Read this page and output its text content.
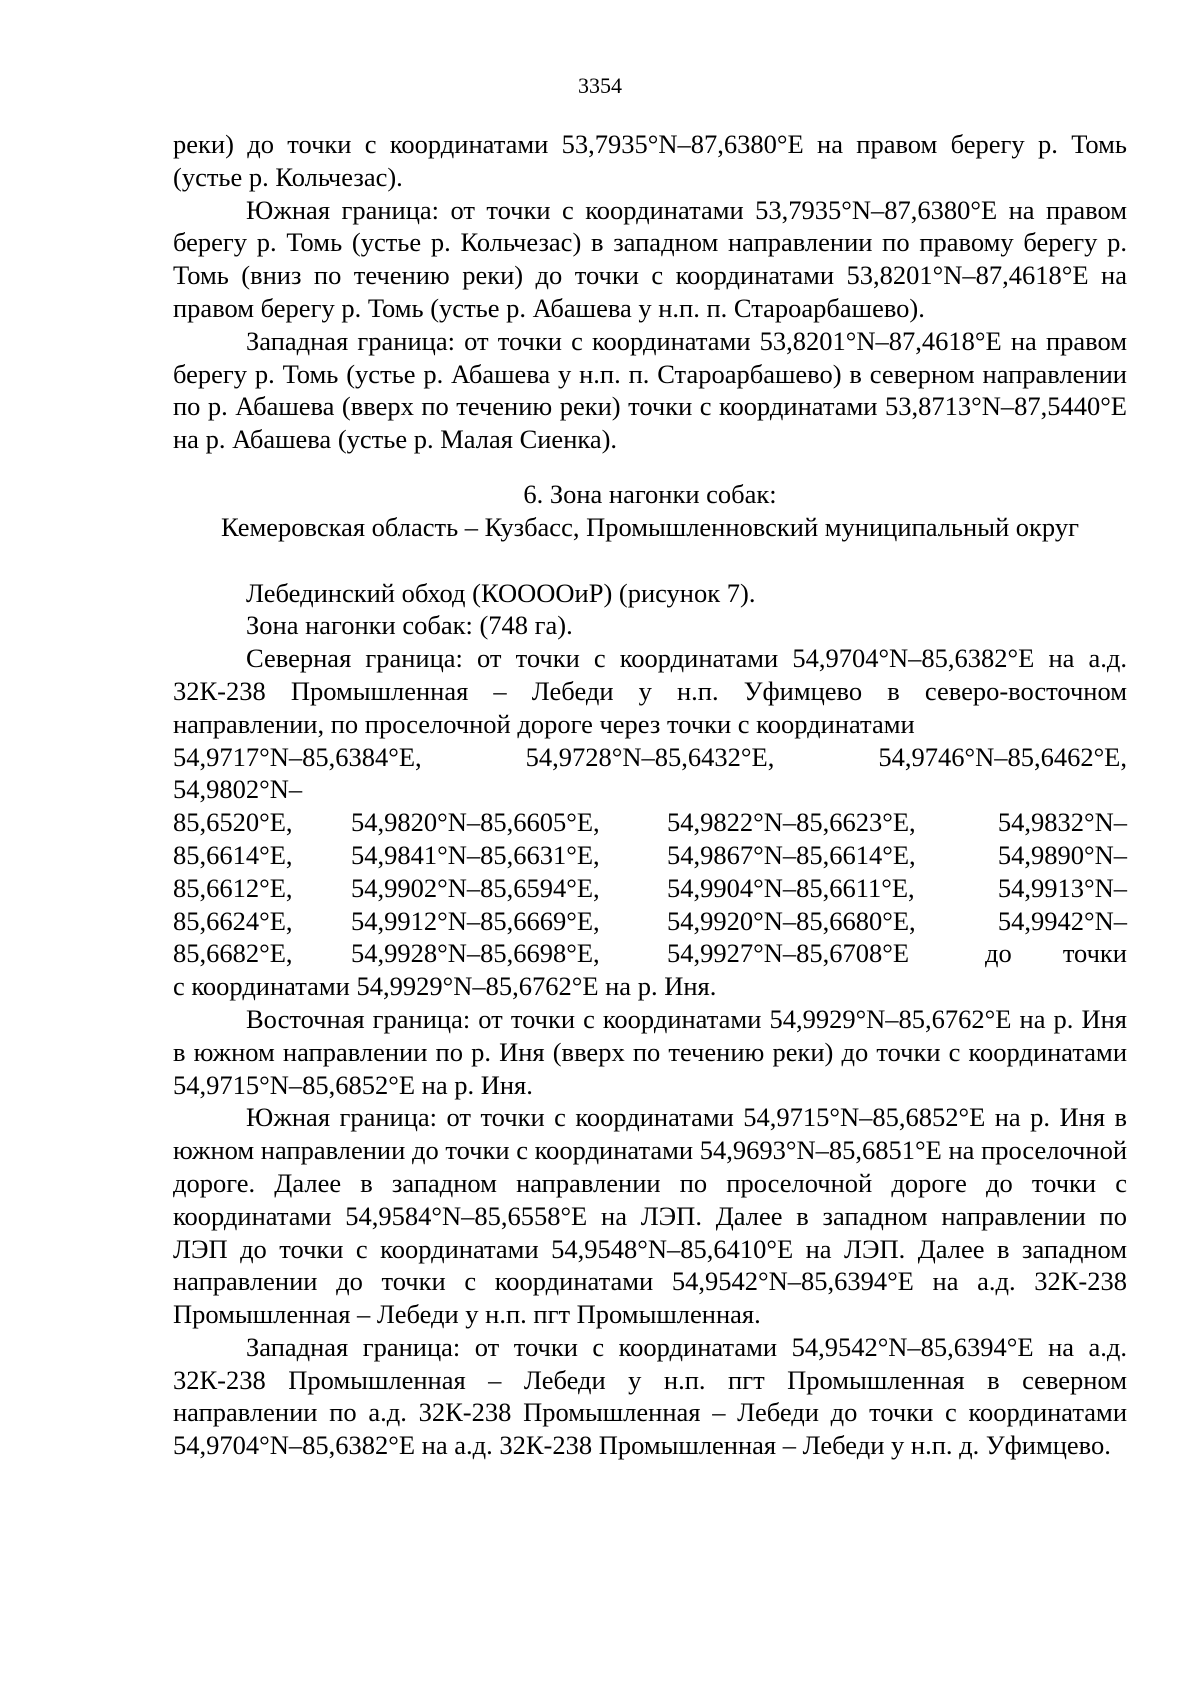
3354

реки) до точки с координатами 53,7935°N–87,6380°E на правом берегу р. Томь (устье р. Кольчезас).

Южная граница: от точки с координатами 53,7935°N–87,6380°E на правом берегу р. Томь (устье р. Кольчезас) в западном направлении по правому берегу р. Томь (вниз по течению реки) до точки с координатами 53,8201°N–87,4618°E на правом берегу р. Томь (устье р. Абашева у н.п. п. Староарбашево).

Западная граница: от точки с координатами 53,8201°N–87,4618°E на правом берегу р. Томь (устье р. Абашева у н.п. п. Староарбашево) в северном направлении по р. Абашева (вверх по течению реки) точки с координатами 53,8713°N–87,5440°E на р. Абашева (устье р. Малая Сиенка).

6. Зона нагонки собак:

Кемеровская область – Кузбасс, Промышленновский муниципальный округ

Лебединский обход (КООООиР) (рисунок 7).

Зона нагонки собак: (748 га).

Северная граница: от точки с координатами 54,9704°N–85,6382°E на а.д. 32К-238 Промышленная – Лебеди у н.п. Уфимцево в северо-восточном направлении, по проселочной дороге через точки с координатами

54,9717°N–85,6384°E,	54,9728°N–85,6432°E,	54,9746°N–85,6462°E,
54,9802°N–
85,6520°E,	54,9820°N–85,6605°E,	54,9822°N–85,6623°E,	54,9832°N–
85,6614°E,	54,9841°N–85,6631°E,	54,9867°N–85,6614°E,	54,9890°N–
85,6612°E,	54,9902°N–85,6594°E,	54,9904°N–85,6611°E,	54,9913°N–
85,6624°E,	54,9912°N–85,6669°E,	54,9920°N–85,6680°E,	54,9942°N–
85,6682°E,	54,9928°N–85,6698°E,	54,9927°N–85,6708°E	до точки

с координатами 54,9929°N–85,6762°E на р. Иня.

Восточная граница: от точки с координатами 54,9929°N–85,6762°E на р. Иня в южном направлении по р. Иня (вверх по течению реки) до точки с координатами 54,9715°N–85,6852°E на р. Иня.

Южная граница: от точки с координатами 54,9715°N–85,6852°E на р. Иня в южном направлении до точки с координатами 54,9693°N–85,6851°E на проселочной дороге. Далее в западном направлении по проселочной дороге до точки с координатами 54,9584°N–85,6558°E на ЛЭП. Далее в западном направлении по ЛЭП до точки с координатами 54,9548°N–85,6410°E на ЛЭП. Далее в западном направлении до точки с координатами 54,9542°N–85,6394°E на а.д. 32К-238 Промышленная – Лебеди у н.п. пгт Промышленная.

Западная граница: от точки с координатами 54,9542°N–85,6394°E на а.д. 32К-238 Промышленная – Лебеди у н.п. пгт Промышленная в северном направлении по а.д. 32К-238 Промышленная – Лебеди до точки с координатами 54,9704°N–85,6382°E на а.д. 32К-238 Промышленная – Лебеди у н.п. д. Уфимцево.
